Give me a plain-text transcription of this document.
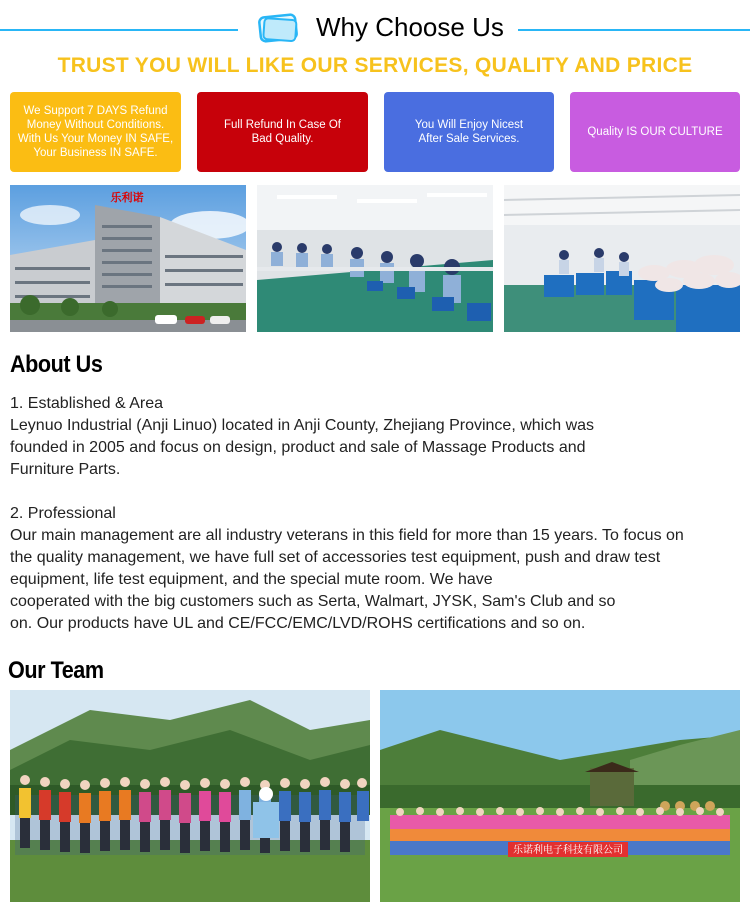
Why Choose Us
TRUST YOU WILL LIKE OUR SERVICES, QUALITY AND PRICE
We Support 7 DAYS Refund
Money Without Conditions.
With Us Your Money IN SAFE,
Your Business IN SAFE.
Full Refund In Case Of
Bad Quality.
You Will Enjoy Nicest
After Sale Services.
Quality IS OUR CULTURE
乐利诺
About Us
1. Established & Area
Leynuo Industrial (Anji Linuo) located in Anji County, Zhejiang Province, which was
founded in 2005 and focus on design, product and sale of Massage Products and
Furniture Parts.
2. Professional
Our main management are all industry veterans in this field for more than 15 years. To focus on
the quality management, we have full set of accessories test equipment, push and draw test
equipment, life test equipment, and the special mute room. We have
cooperated with the big customers such as Serta, Walmart, JYSK, Sam's Club and so
on. Our products have UL and CE/FCC/EMC/LVD/ROHS certifications and so on.
Our Team
乐诺利电子科技有限公司
